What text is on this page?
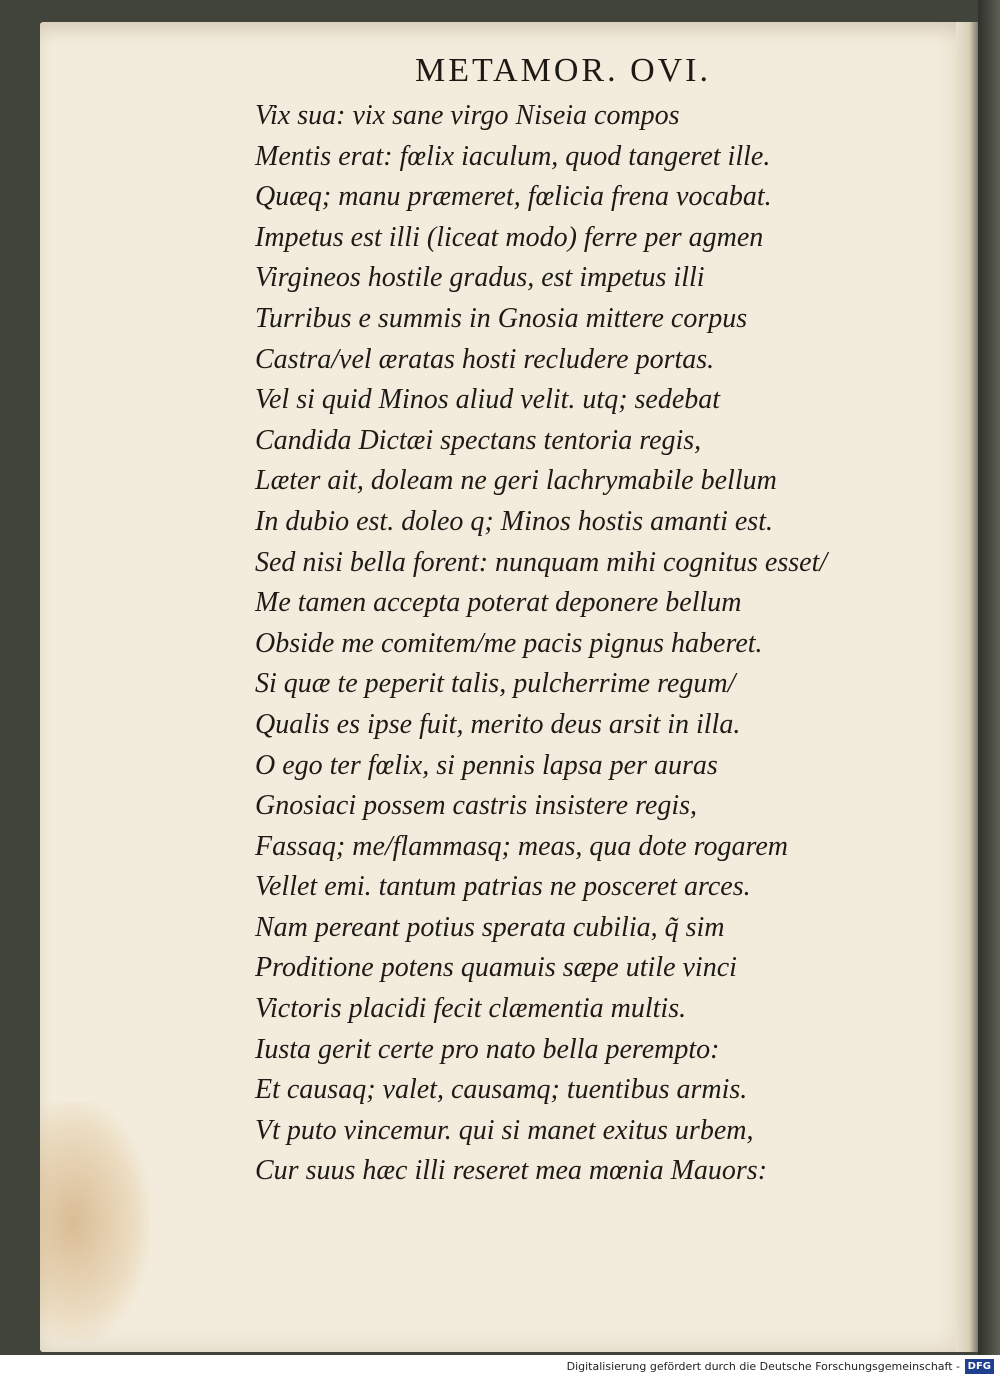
METAMOR. OVI.
Vix sua: vix sane virgo Niseia compos
Mentis erat: fœlix iaculum, quod tangeret ille.
Quæq; manu præmeret, fœlicia frena vocabat.
Impetus est illi (liceat modo) ferre per agmen
Virgineos hostile gradus, est impetus illi
Turribus e summis in Gnosia mittere corpus
Castra/vel æratas hosti recludere portas.
Vel si quid Minos aliud velit. utq; sedebat
Candida Dictæi spectans tentoria regis,
Læter ait, doleam ne geri lachrymabile bellum
In dubio est. doleo q; Minos hostis amanti est.
Sed nisi bella forent: nunquam mihi cognitus esset/
Me tamen accepta poterat deponere bellum
Obside me comitem/me pacis pignus haberet.
Si quæ te peperit talis, pulcherrime regum/
Qualis es ipse fuit, merito deus arsit in illa.
O ego ter fœlix, si pennis lapsa per auras
Gnosiaci possem castris insistere regis,
Fassaq; me/flammasq; meas, qua dote rogarem
Vellet emi. tantum patrias ne posceret arces.
Nam pereant potius sperata cubilia, q̃ sim
Proditione potens quamuis sæpe utile vinci
Victoris placidi fecit clæmentia multis.
Iusta gerit certe pro nato bella perempto:
Et causaq; valet, causamq; tuentibus armis.
Vt puto vincemur. qui si manet exitus urbem,
Cur suus hæc illi reseret mea mœnia Mauors:
Digitalisierung gefördert durch die Deutsche Forschungsgemeinschaft - DFG
